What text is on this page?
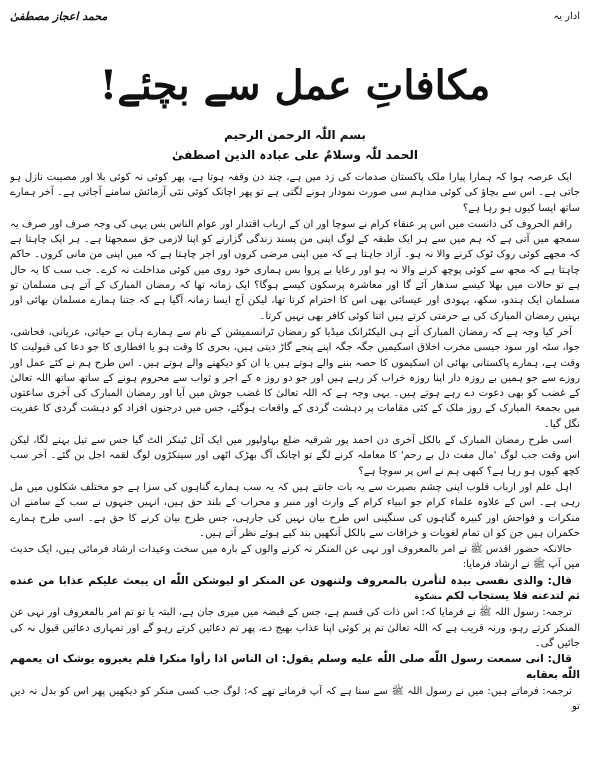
ادار یہ
محمد اعجاز مصطفیٰ
مکافاتِ عمل سے بچئے!
بسم اللّٰہ الرحمن الرحیم
الحمد للّٰہ وسلامٌ علی عبادہ الذین اصطفیٰ

ایک عرصہ ہوا کہ ہمارا پیارا ملک پاکستان صدمات کی زد میں ہے، چند دن وقفہ ہوتا ہے، پھر کوئی نہ کوئی بلا اور مصیبت نازل ہو جاتی ہے۔ اس سے بچاؤ کی کوئی مداہم سی صورت نمودار ہونے لگتی ہے تو پھر اچانک کوئی نئی آزمائش سامنے آجاتی ہے۔ آخر ہمارے ساتھ ایسا کیوں ہو رہا ہے؟

راقم الحروف کی دانست میں اس پر عنقاء کرام نے سوچا اور ان کے ارباب اقتدار اور عوام الناس بس یہی کی وجہ صرف اور صرف یہ سمجھ میں آتی ہے کہ ہم میں سے ہر ایک طبقہ کے لوگ اپنی من پسند زندگی گزارنے کو اپنا لازمی حق سمجھتا ہے۔ ہر ایک چاہتا ہے کہ مجھے کوئی روک ٹوک کرنے والا نہ ہو۔ آزاد جاہتا ہے کہ میں اپنی مرضی کروں اور اجر چاہتا ہے کہ میں اپنی من مانی کروں۔ حاکم چاہتا ہے کہ مجھ سے کوئی پوچھ کرنے والا نہ ہو اور رعایا بے پروا بس ہماری خود روی میں کوئی مداخلت نہ کرے۔ جب سب کا یہ حال ہے تو حالات میں بھلا کیسے سدھار آئے گا اور معاشرہ پرسکون کیسے ہوگا؟ ایک زمانہ تھا کہ رمضان المبارک کے آتے ہی مسلمان تو مسلمان ایک ہندو، سکھ، یہودی اور عیسائی بھی اس کا احترام کرتا تھا، لیکن آج ایسا زمانہ آگیا ہے کہ جتنا ہمارے مسلمان بھائی اور بہنیں رمضان المبارک کی بے حرمتی کرتے ہیں اتنا کوئی کافر بھی نہیں کرتا۔

آخر کیا وجہ ہے کہ رمضان المبارک آتے ہی الیکٹرانک میڈیا کو رمضان ٹرانسمیشن کے نام سے ہمارے ہاں بے حیائی، عریانی، فحاشی، جوا، سٹہ اور سود جیسی مخرب اخلاق اسکیمیں جگہ جگہ اپنے پنجے گاڑ دیتی ہیں، بحری کا وقت ہو یا افطاری کا جو دعا کی قبولیت کا وقت ہے، ہمارے پاکستانی بھائی ان اسکیموں کا حصہ بننے والے ہوتے ہیں یا ان کو دیکھنے والے ہوتے ہیں۔ اس طرح ہم نے کئے عمل اور روزے سے جو ہمیں بے روزہ دار اپنا روزہ خراب کر رہے ہیں اور جو دو روز ہ کے اجر و ثواب سے محروم ہونے کے ساتھ ساتھ اللہ تعالیٰ کے غضب کو بھی دعوت دے رہے ہوتے ہیں۔ یہی وجہ ہے کہ اللہ تعالیٰ کا غضب جوش میں آیا اور رمضان المبارک کی آخری ساعتوں میں بجمعۃ المبارک کے روز ملک کے کئی مقامات پر دہشت گردی کے واقعات ہوگئے، جس میں درجنوں افراد کو دہشت گردی کا عفریت نگل گیا۔

اسی طرح رمضان المبارک کے بالکل آخری دن احمد پور شرقیہ ضلع بہاولپور میں ایک آئل ٹینکر الٹ گیا جس سے تیل بہنے لگا، لیکن اس وقت جب لوگ 'مال مفت دل بے رحم' کا معاملہ کرنے لگے تو اچانک آگ بھڑک اٹھی اور سینکڑوں لوگ لقمہ اجل بن گئے۔ آخر سب کچھ کیوں ہو رہا ہے؟ کبھی ہم نے اس پر سوچا ہے؟

اہل علم اور ارباب قلوب اپنی چشم بصیرت سے یہ بات جانتے ہیں کہ یہ سب ہمارے گناہوں کی سزا ہے جو مختلف شکلوں میں مل رہی ہے۔ اس کے علاوہ علماء کرام جو انبیاء کرام کے وارث اور منبر و محراب کے بلند حق ہیں، انہیں جنہوں نے سب کے سامنے ان منکرات و فواحش اور کبیرہ گناہوں کی سنگینی اس طرح بیان نہیں کی جارہی، جس طرح بیان کرنے کا حق ہے۔ اسی طرح ہمارے حکمران ہیں جن کو ان تمام لغویات و خرافات سے بالکل آنکھیں بند کیے ہوئے نظر آتے ہیں۔

حالانکہ حضور اقدس ﷺ نے امر بالمعروف اور نہی عن المنکر نہ کرنے والوں کے بارہ میں سخت وعیدات ارشاد فرمائی ہیں، ایک حدیث میں آپ ﷺ نے ارشاد فرمایا:

قال: والذی نفسی بیدہ لتأمرن بالمعروف ولتنهون عن المنكر او ليوشكن اللّٰه ان يبعث عليكم عذابا من عنده ثم لتدعنه فلا يستجاب لكم مشكوة

ترجمہ: رسول اللہ ﷺ نے فرمایا کہ: اس ذات کی قسم ہے، جس کے قبضہ میں میری جان ہے، البتہ یا تو تم امر بالمعروف اور نہی عن المنکر کرتے رہو، ورنہ قریب ہے کہ اللہ تعالیٰ تم پر کوئی اپنا عذاب بھیج دے، پھر تم دعائیں کرتے رہو گے اور تمہاری دعائیں قبول نہ کی جائیں گی۔

قال: انی سمعت رسول اللّٰه صلی اللّٰه عليه وسلم يقول: ان الناس اذا رأوا منكرا فلم يغيروه يوشک ان يعمهم اللّٰه بعقابه

ترجمہ: فرماتے ہیں: میں نے رسول اللہ ﷺ سے سنا ہے کہ آپ فرماتے تھے کہ: لوگ جب کسی منکر کو دیکھیں پھر اس کو بدل نہ دیں تو
